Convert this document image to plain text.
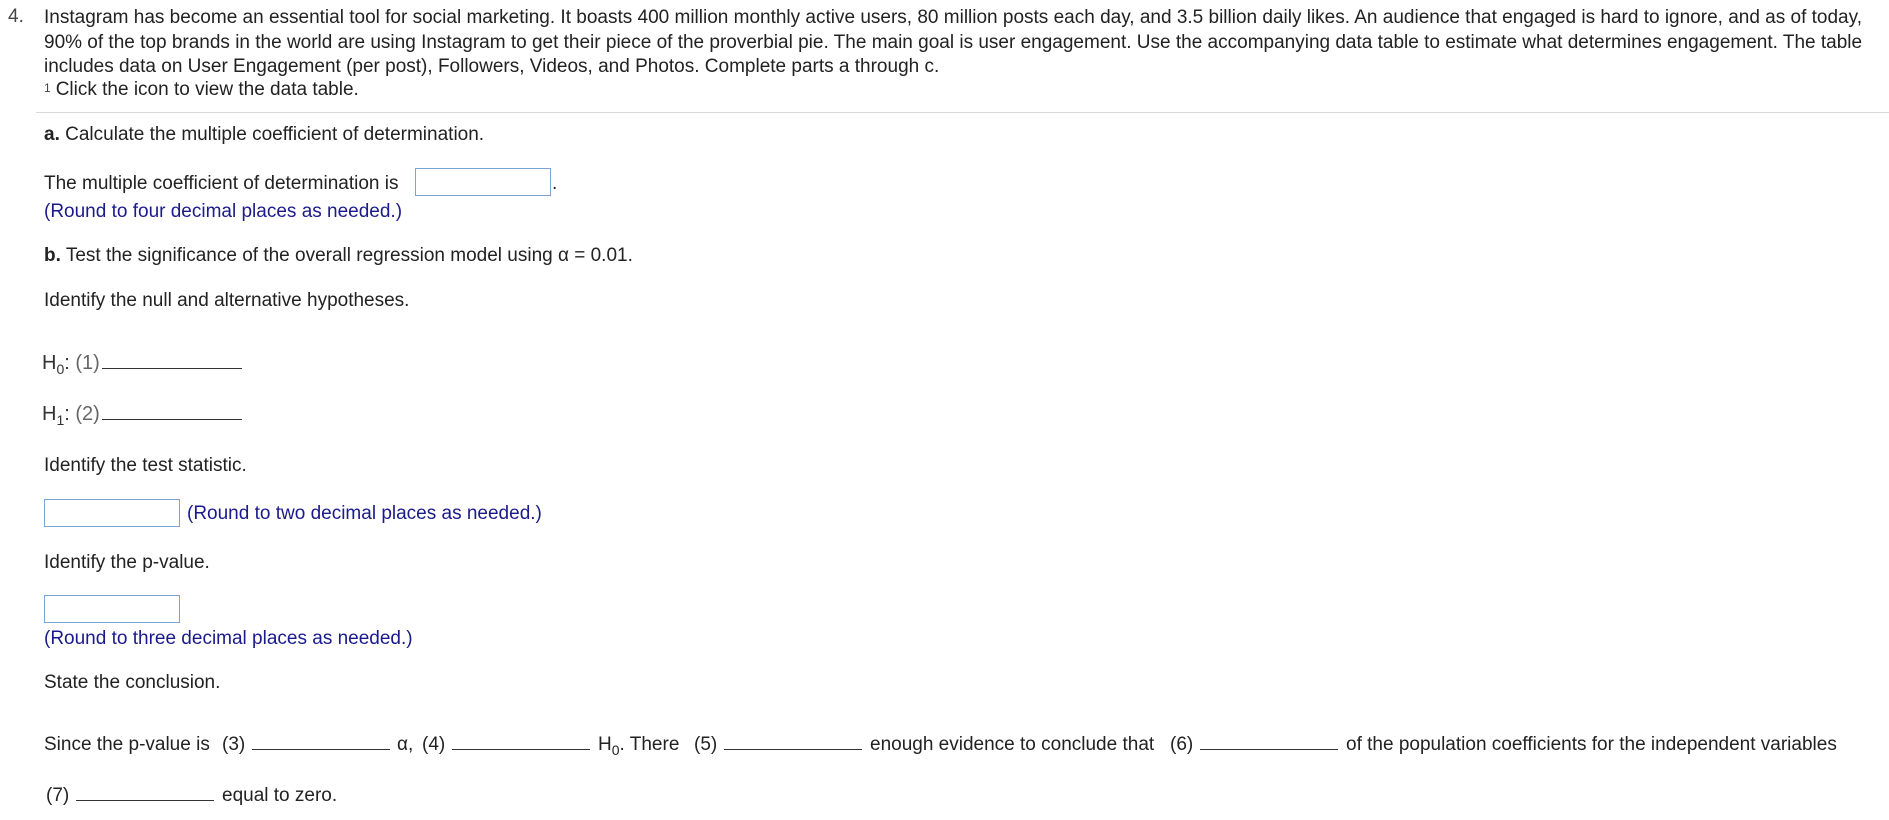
4. Instagram has become an essential tool for social marketing. It boasts 400 million monthly active users, 80 million posts each day, and 3.5 billion daily likes. An audience that engaged is hard to ignore, and as of today, 90% of the top brands in the world are using Instagram to get their piece of the proverbial pie. The main goal is user engagement. Use the accompanying data table to estimate what determines engagement. The table includes data on User Engagement (per post), Followers, Videos, and Photos. Complete parts a through c.

$^1$ Click the icon to view the data table.
a. Calculate the multiple coefficient of determination.
The multiple coefficient of determination is	.
(Round to four decimal places as needed.)
b. Test the significance of the overall regression model using α = 0.01.
Identify the null and alternative hypotheses.
$H_0$: (1)
$H_1$: (2)
Identify the test statistic.
(Round to two decimal places as needed.)
Identify the p-value.
(Round to three decimal places as needed.)
State the conclusion.
Since the p-value is (3)	α, (4)	$H_0$. There (5)	enough evidence to conclude that (6)	of the population coefficients for the independent variables
(7)	equal to zero.
